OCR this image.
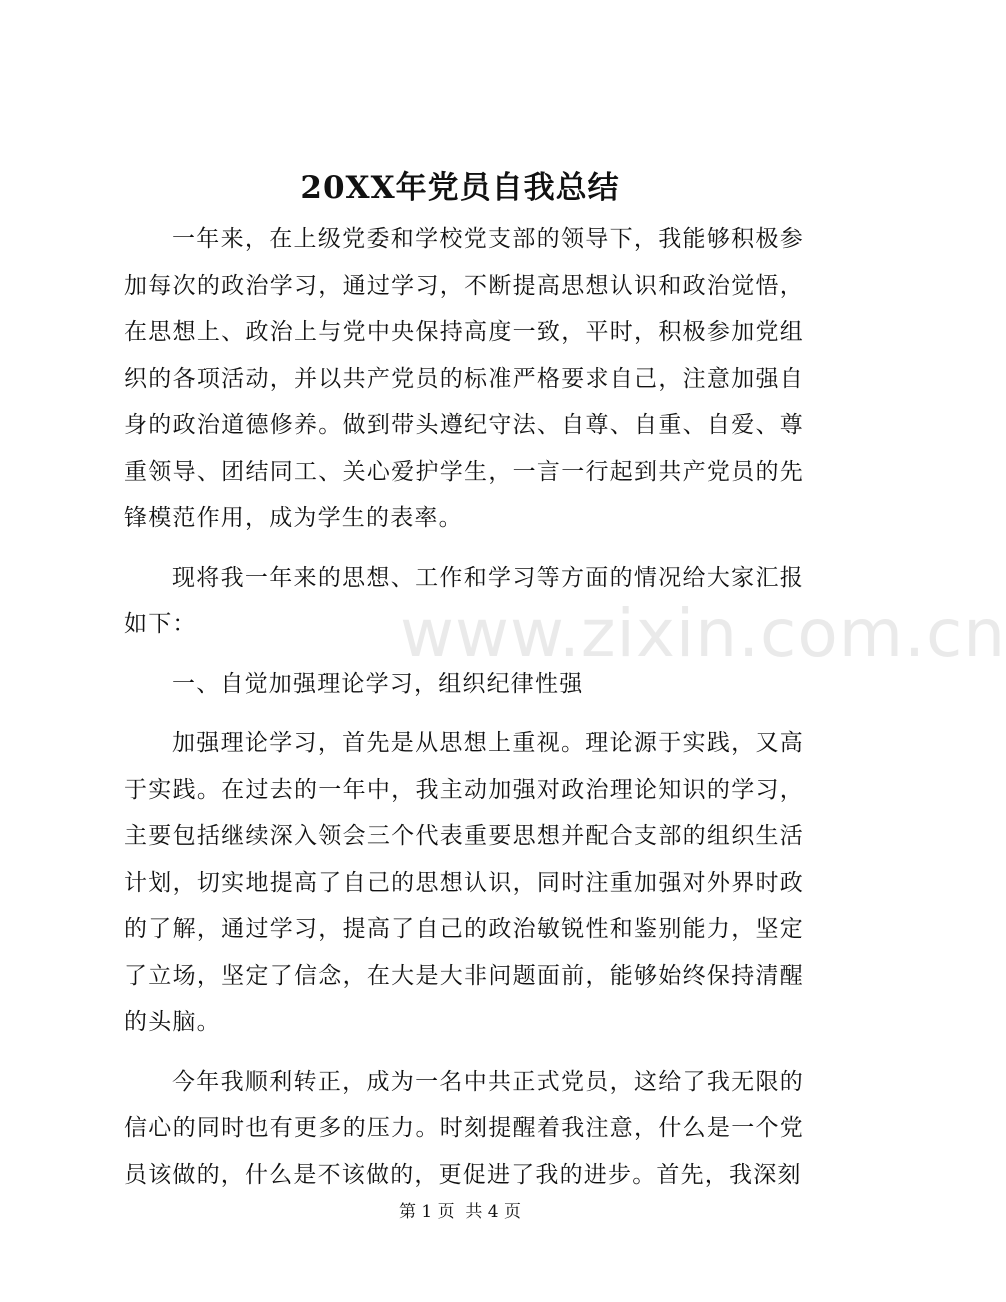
www.zixin.com.cn
20XX年党员自我总结

一年来，在上级党委和学校党支部的领导下，我能够积极参加每次的政治学习，通过学习，不断提高思想认识和政治觉悟，在思想上、政治上与党中央保持高度一致，平时，积极参加党组织的各项活动，并以共产党员的标准严格要求自己，注意加强自身的政治道德修养。做到带头遵纪守法、自尊、自重、自爱、尊重领导、团结同工、关心爱护学生，一言一行起到共产党员的先锋模范作用，成为学生的表率。

现将我一年来的思想、工作和学习等方面的情况给大家汇报如下：

一、自觉加强理论学习，组织纪律性强

加强理论学习，首先是从思想上重视。理论源于实践，又高于实践。在过去的一年中，我主动加强对政治理论知识的学习，主要包括继续深入领会三个代表重要思想并配合支部的组织生活计划，切实地提高了自己的思想认识，同时注重加强对外界时政的了解，通过学习，提高了自己的政治敏锐性和鉴别能力，坚定了立场，坚定了信念，在大是大非问题面前，能够始终保持清醒的头脑。

今年我顺利转正，成为一名中共正式党员，这给了我无限的信心的同时也有更多的压力。时刻提醒着我注意，什么是一个党员该做的，什么是不该做的，更促进了我的进步。首先，我深刻

第 1 页  共 4 页
